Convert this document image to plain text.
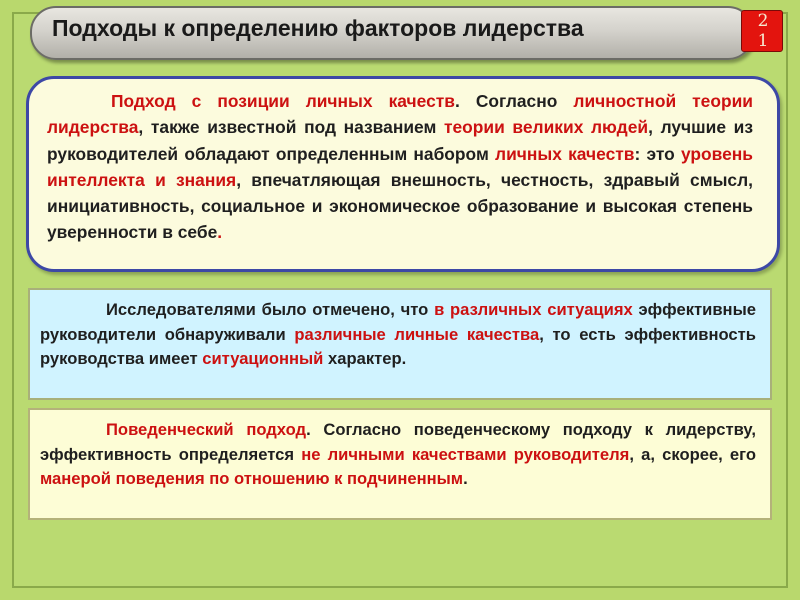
Подходы к определению факторов лидерства	2
1

Подход с позиции личных качеств. Согласно личностной теории лидерства, также известной под названием теории великих людей, лучшие из руководителей обладают определенным набором личных качеств: это уровень интеллекта и знания, впечатляющая внешность, честность, здравый смысл, инициативность, социальное и экономическое образование и высокая степень уверенности в себе.

Исследователями было отмечено, что в различных ситуациях эффективные руководители обнаруживали различные личные качества, то есть эффективность руководства имеет ситуационный характер.

Поведенческий подход. Согласно поведенческому подходу к лидерству, эффективность определяется не личными качествами руководителя, а, скорее, его манерой поведения по отношению к подчиненным.
